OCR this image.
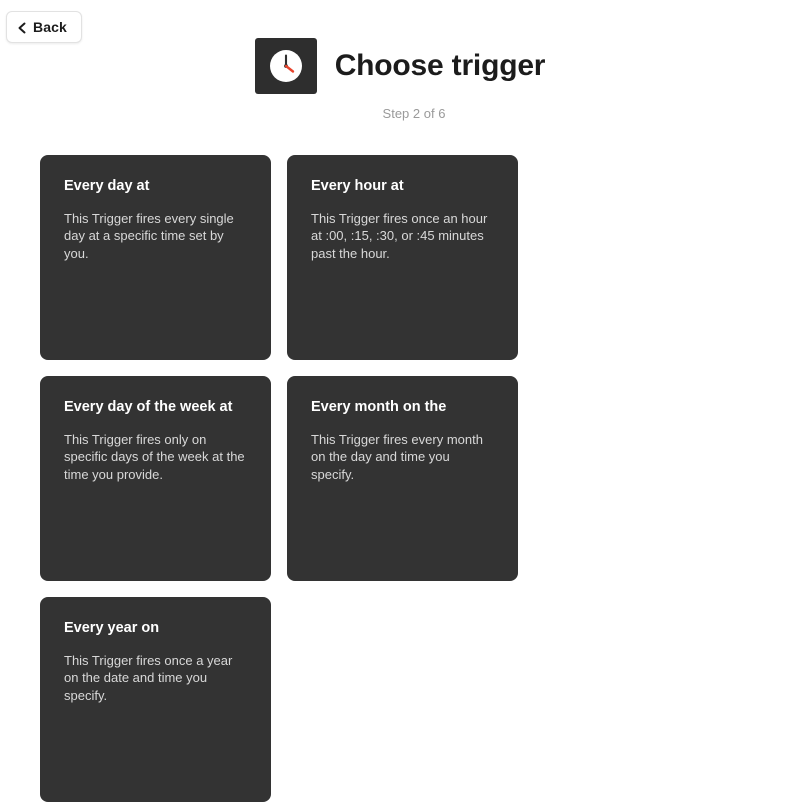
Back
Choose trigger
Step 2 of 6

Every day at

This Trigger fires every single day at a specific time set by you.

Every hour at

This Trigger fires once an hour at :00, :15, :30, or :45 minutes past the hour.

Every day of the week at

This Trigger fires only on specific days of the week at the time you provide.

Every month on the

This Trigger fires every month on the day and time you specify.

Every year on

This Trigger fires once a year on the date and time you specify.
